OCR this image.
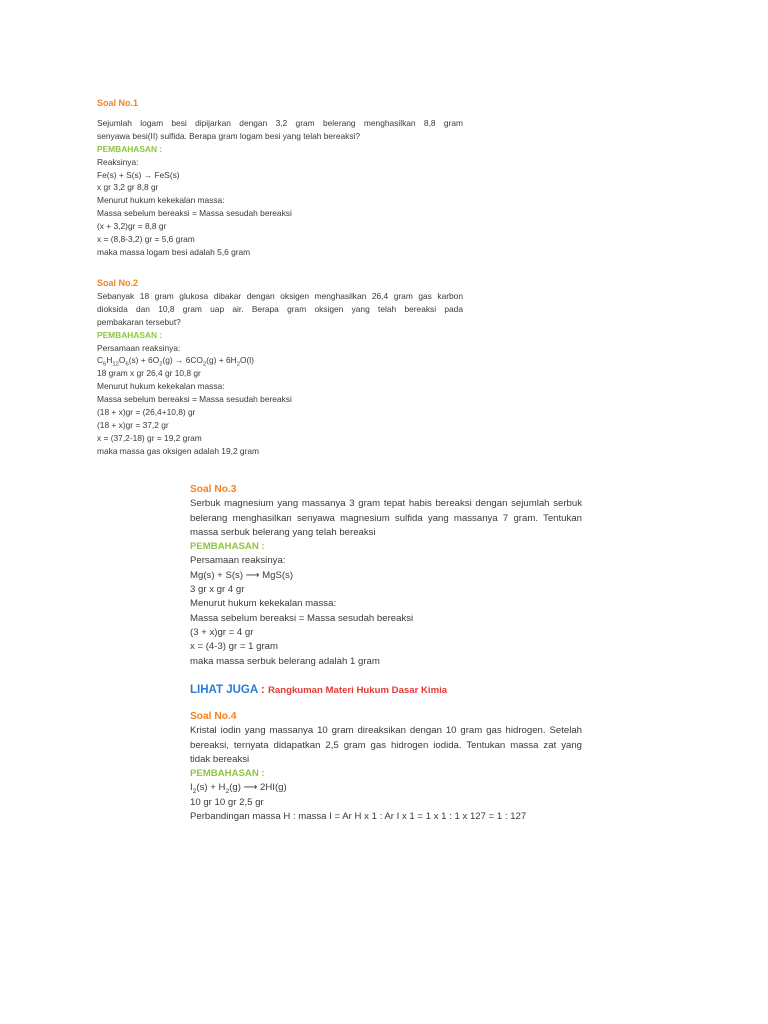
Soal No.1

Sejumlah logam besi dipijarkan dengan 3,2 gram belerang menghasilkan 8,8 gram

senyawa besi(II) sulfida. Berapa gram logam besi yang telah bereaksi?

PEMBAHASAN :

Reaksinya:

Fe(s) + S(s) → FeS(s)

x gr 3,2 gr 8,8 gr

Menurut hukum kekekalan massa:

Massa sebelum bereaksi = Massa sesudah bereaksi

(x + 3,2)gr = 8,8 gr

x = (8,8-3,2) gr = 5,6 gram

maka massa logam besi adalah 5,6 gram

Soal No.2

Sebanyak 18 gram glukosa dibakar dengan oksigen menghasilkan 26,4 gram gas karbon

dioksida dan 10,8 gram uap air. Berapa gram oksigen yang telah bereaksi pada

pembakaran tersebut?

PEMBAHASAN :

Persamaan reaksinya:

$C_6H_{12}O_6(s) + 6O_2(g) \to 6CO_2(g) + 6H_2O(l)$

18 gram x gr 26,4 gr 10,8 gr

Menurut hukum kekekalan massa:

Massa sebelum bereaksi = Massa sesudah bereaksi

(18 + x)gr = (26,4+10,8) gr

(18 + x)gr = 37,2 gr

x = (37,2-18) gr = 19,2 gram

maka massa gas oksigen adalah 19,2 gram

Soal No.3

Serbuk magnesium yang massanya 3 gram tepat habis bereaksi dengan sejumlah serbuk

belerang menghasilkan senyawa magnesium sulfida yang massanya 7 gram. Tentukan

massa serbuk belerang yang telah bereaksi

PEMBAHASAN :

Persamaan reaksinya:

Mg(s) + S(s) ⟶ MgS(s)

3 gr x gr 4 gr

Menurut hukum kekekalan massa:

Massa sebelum bereaksi = Massa sesudah bereaksi

(3 + x)gr = 4 gr

x = (4-3) gr = 1 gram

maka massa serbuk belerang adalah 1 gram

LIHAT JUGA : Rangkuman Materi Hukum Dasar Kimia

Soal No.4

Kristal iodin yang massanya 10 gram direaksikan dengan 10 gram gas hidrogen. Setelah

bereaksi, ternyata didapatkan 2,5 gram gas hidrogen iodida. Tentukan massa zat yang

tidak bereaksi

PEMBAHASAN :

$I_2(s) + H_2(g)$ ⟶ 2HI(g)

10 gr 10 gr 2,5 gr

Perbandingan massa H : massa I = Ar H x 1 : Ar I x 1 = 1 x 1 : 1 x 127 = 1 : 127
